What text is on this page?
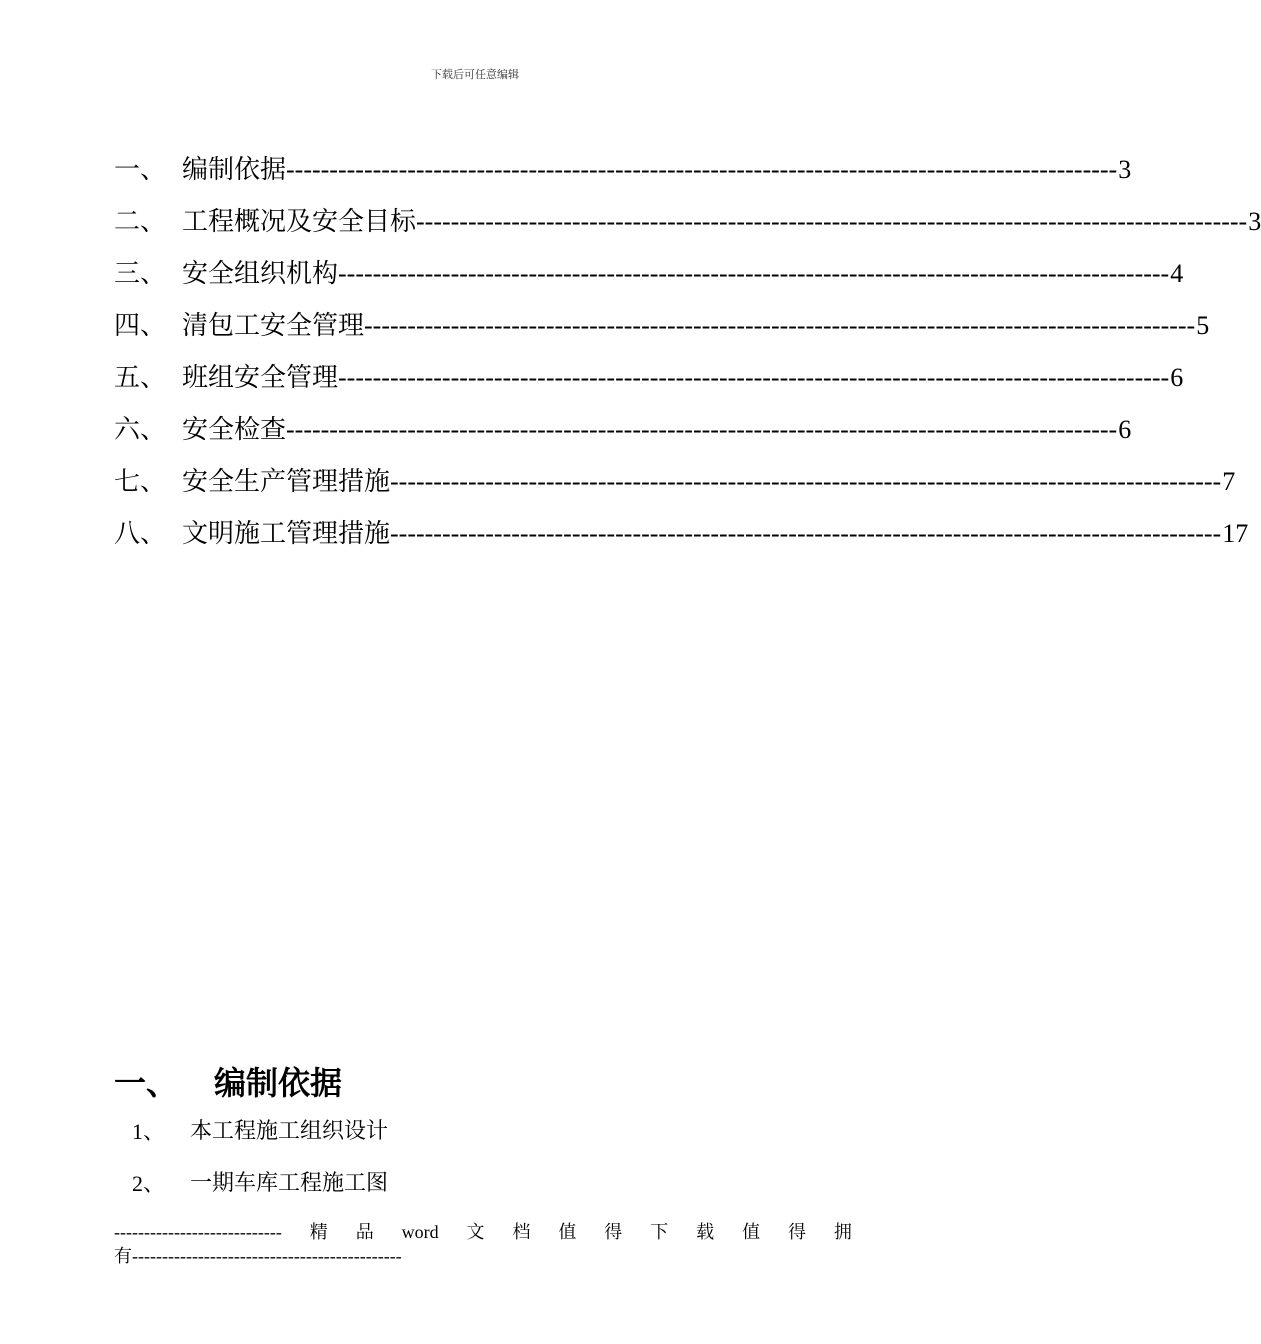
下载后可任意编辑
一、 编制依据 ------------------------------------------------------------------------------------------------ 3
二、 工程概况及安全目标 ------------------------------------------------------------------------------------------------ 3
三、 安全组织机构 ------------------------------------------------------------------------------------------------ 4
四、 清包工安全管理 ------------------------------------------------------------------------------------------------ 5
五、 班组安全管理 ------------------------------------------------------------------------------------------------ 6
六、 安全检查 ------------------------------------------------------------------------------------------------ 6
七、 安全生产管理措施 ------------------------------------------------------------------------------------------------ 7
八、 文明施工管理措施 ------------------------------------------------------------------------------------------------ 17
一、	编制依据
1、	本工程施工组织设计
2、	一期车库工程施工图
---------------------------- 精 品 word 文 档 值 得 下 载 值 得 拥
有---------------------------------------------
